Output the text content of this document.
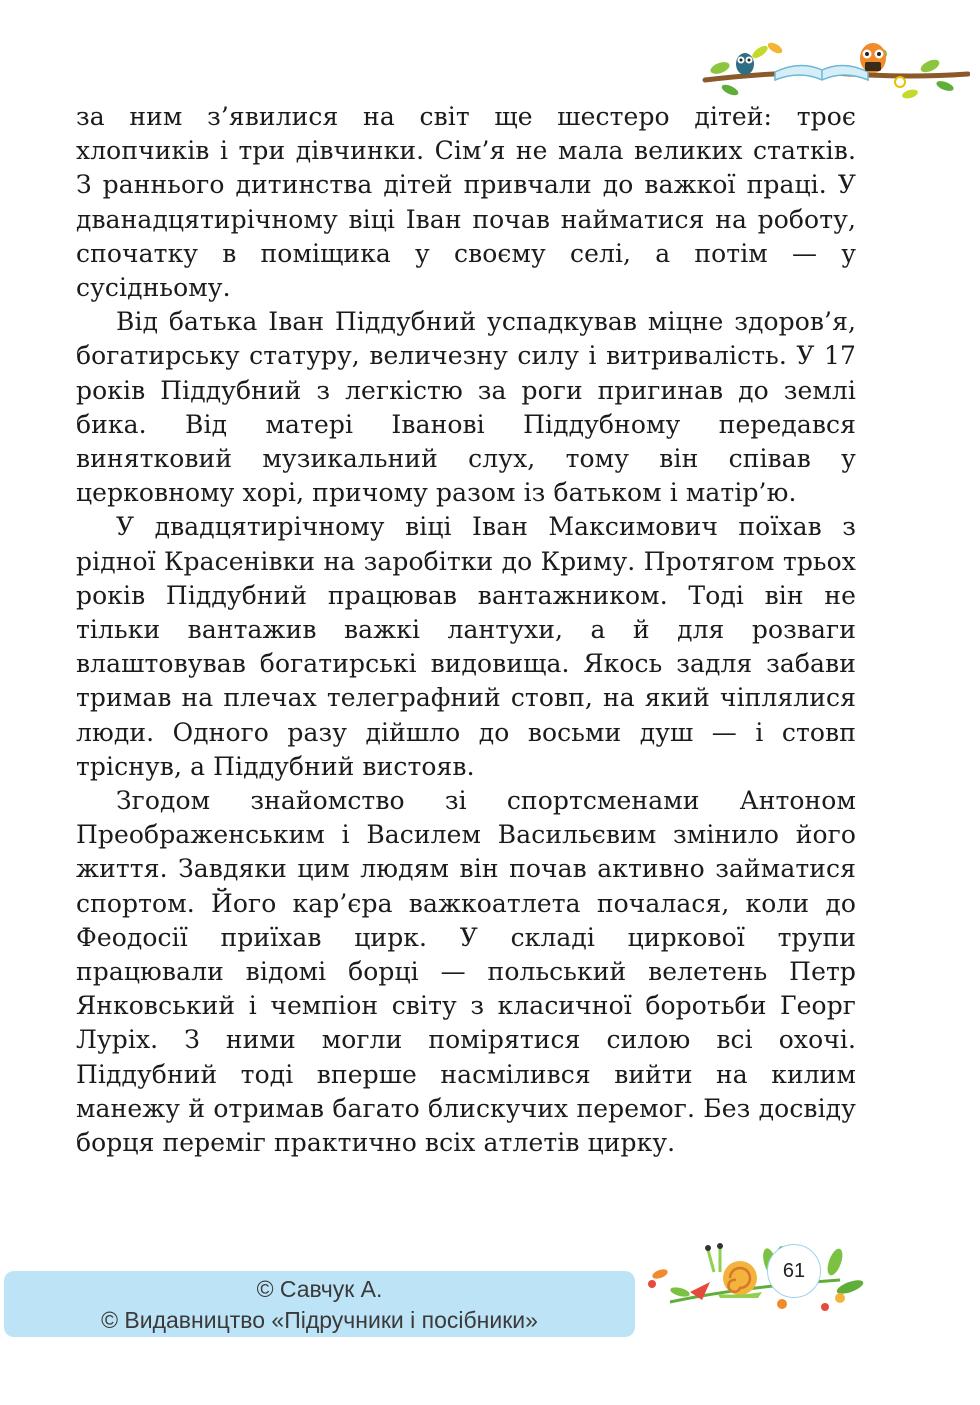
за ним з’явилися на світ ще шестеро дітей: троє хлопчиків і три дівчинки. Сім’я не мала великих статків. З раннього дитинства дітей привчали до важкої праці. У дванадцятирічному віці Іван почав найматися на роботу, спочатку в поміщика у своєму селі, а потім — у сусідньому.

Від батька Іван Піддубний успадкував міцне здоров’я, богатирську статуру, величезну силу і витривалість. У 17 років Піддубний з легкістю за роги пригинав до землі бика. Від матері Іванові Піддубному передався винятковий музикальний слух, тому він співав у церковному хорі, причому разом із батьком і матір’ю.

У двадцятирічному віці Іван Максимович поїхав з рідної Красенівки на заробітки до Криму. Протягом трьох років Піддубний працював вантажником. Тоді він не тільки вантажив важкі лантухи, а й для розваги влаштовував богатирські видовища. Якось задля забави тримав на плечах телеграфний стовп, на який чіплялися люди. Одного разу дійшло до восьми душ — і стовп тріснув, а Піддубний вистояв.

Згодом знайомство зі спортсменами Антоном Преображенським і Василем Васильєвим змінило його життя. Завдяки цим людям він почав активно займатися спортом. Його кар’єра важкоатлета почалася, коли до Феодосії приїхав цирк. У складі циркової трупи працювали відомі борці — польський велетень Петр Янковський і чемпіон світу з класичної боротьби Георг Луріх. З ними могли помірятися силою всі охочі. Піддубний тоді вперше насмілився вийти на килим манежу й отримав багато блискучих перемог. Без досвіду борця переміг практично всіх атлетів цирку.

© Савчук А.
© Видавництво «Підручники і посібники»
61
